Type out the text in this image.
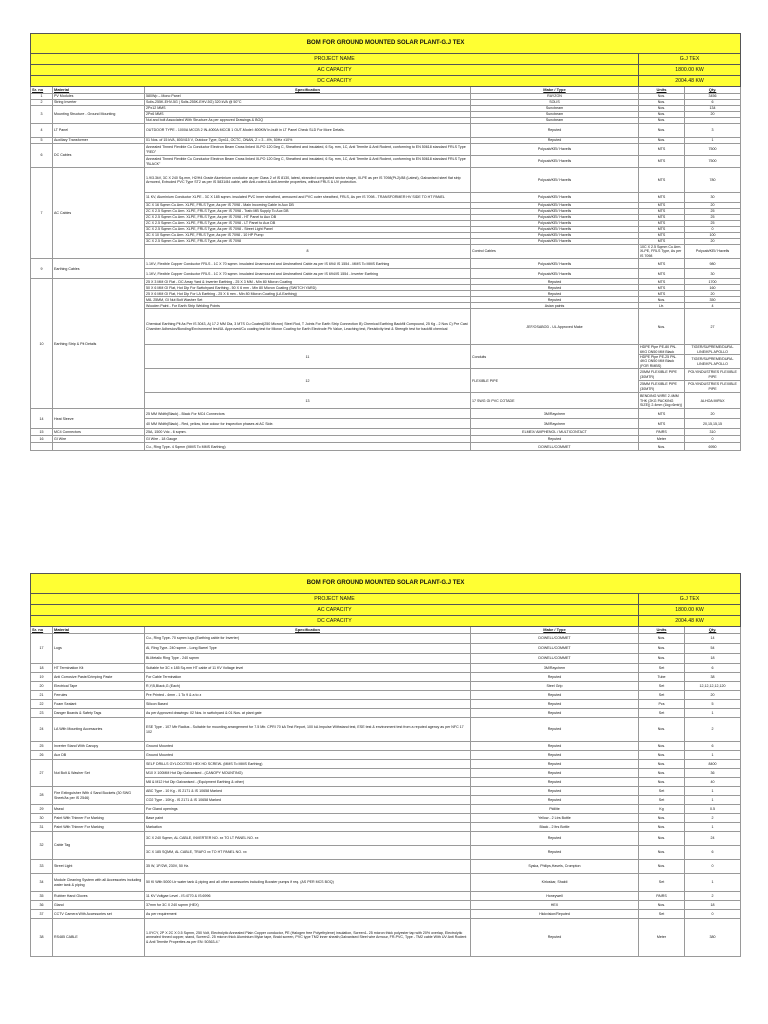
BOM FOR GROUND MOUNTED SOLAR PLANT-G.J TEX						
PROJECT NAME				G.J TEX		
AC CAPACITY				1800.00 KW		
DC CAPACITY				2004.48 KW		
Sr. no	Material	Specification	Make / Type	Units	Qty.	
1	PV Modules	580Wp – Mono Panel	RAYZON	Nos.	3456	
2	String Inverter	Solis-255K-EHV-5G | Solis-255K-EHV-5G) 320 kVA @ 50°C	SOLIS	Nos.	6	
3	Mounting Structure - Ground Mounting	2Px12 MMS	Suncbeam	Nos.	134	
		2Px6 MMS	Suncbeam	Nos.	20	
		Nut and bolt Associated With Structure As per approved Drawings & BOQ	Suncbeam	Nos.		
4	LT Panel	OUTDOOR TYPE - 1000A MCCB 2 IN-4000A MCCB 1 OUT-Model: 800KW In-built in LT Panel Check SLD For More Details.	Reputed	Nos.	3	
5	Auxiliary Transformer	01 Nos. of 15 kVA, 800/415 V, Outdoor Type, Dyn11, OCTC, ONAN, Z = 3 - 4%, 50Hz ±10%	Reputed	Nos.	1	
6	DC Cables	Annealed Tinned Flexible Cu Conductor Electron Beam Cross linked XLPO 120 Deg C, Sheathed and insulated, 6 Sq. mm, 1C, Anti Termite & Anti Rodent, conforming to EN 50618 standard FRLS Type "RED"	Polycab/KEI/ Havells	MTS	7500	
		Annealed Tinned Flexible Cu Conductor Electron Beam Cross linked XLPO 120 Deg C, Sheathed and insulated, 6 Sq. mm, 1C, Anti Termite & Anti Rodent, conforming to EN 50618 standard FRLS Type "BLACK"	Polycab/KEI/ Havells	MTS	7500	
7	AC Cables	1.9/3.3kV, 3C X 240 Sq.mm, H2/H4 Grade Aluminium conductor as per Class 2 of IS 8130, latest, stranded compacted sector shape, XLPE as per IS 7098(Pt-2)/88 (Latest), Galvanised steel flat strip Armored, Extruded PVC Type ST2 as per IS 5831/84 cable, with Anti-rodent & Anti-termite properties, without FRLS & UV protection.	Polycab/KEI/ Havells	MTS	780	
		11 KV, Aluminium Conductor XLPE - 3C X 185 sqmm. insulated PVC inner sheathed, armoured and PVC outer sheathed, FRLS, As per IS 7098 - TRANSFORMER HV SIDE TO HT PANEL	Polycab/KEI/ Havells	MTS	30	
		3C X 16 Sqmm Cu Arm. XLPE, FRLS Type, As per IS 7098 - Main Incoming Cable in Aux DB	Polycab/KEI/ Havells	MTS	20	
		2C X 2.5 Sqmm Cu Arm. XLPE, FRLS Type, As per IS 7098 - Trafo MB Supply To Aux DB	Polycab/KEI/ Havells	MTS	25	
		2C X 2.5 Sqmm Cu Arm. XLPE, FRLS Type, As per IS 7098 - HT Panel to Aux DB	Polycab/KEI/ Havells	MTS	25	
		2C X 2.5 Sqmm Cu Arm. XLPE, FRLS Type, As per IS 7098 - LT Panel to Aux DB	Polycab/KEI/ Havells	MTS	25	
		3C X 2.5 Sqmm Cu Arm. XLPE, FRLS Type, As per IS 7098 - Street Light Panel	Polycab/KEI/ Havells	MTS	0	
		3C X 10 Sqmm Cu Arm. XLPE, FRLS Type, As per IS 7098 - 10 HP Pump	Polycab/KEI/ Havells	MTS	100	
		3C X 2.5 Sqmm Cu Arm. XLPE, FRLS Type, As per IS 7098	Polycab/KEI/ Havells	MTS	20	
		8	Control Cables	10C X 2.5 Sqmm Cu Arm. XLPE, FRLS Type, As per IS 7098	Polycab/KEI/ Havells		
9	Earthing Cables	1.1KV, Flexible Copper Conductor FRLS - 1C X 70 sqmm. insulated Unarmoured and Unsheathed Cable as per IS 694/ IS 1554 - MMS To MMS Earthing	Polycab/KEI/ Havells	MTS	980	
		1.1KV, Flexible Copper Conductor FRLS - 1C X 70 sqmm. insulated Unarmoured and Unsheathed Cable as per IS 694/IS 1554 - Inverter Earthing	Polycab/KEI/ Havells	MTS	30	
10	Earthing Strip & Pit Details	25 X 3 MM GI Flat - DC Array Yard & Inverter Earthing - 25 X 3 MM - Min 80 Micron Coating	Reputed	MTS	1700	
		50 X 6 MM GI Flat, Hot Dip For Switchyard Earthing - 50 X 6 mm - Min 80 Micron Coating (SWITCH YARD)	Reputed	MTS	160	
		25 X 6 MM GI Flat, Hot Dip For LA Earthing - 25 X 6 mm - Min 80 Micron Coating (LA Earthing)	Reputed	MTS	20	
		M8- 25MM, GI Nut Bolt Washer Set	Reputed	Nos.	350	
		Wooden Paint - For Earth Strip Welding Points	Asian paints	Ltr.	4	
		Chemical Earthing Pit As Per IS 3043, A) 17.2 MM Dia, 3 MTS Cu Coated(250 Micron) Steel Rod, T Joints For Earth Strip Connection B) Chemical Earthing Backfill Compound, 25 Kg - 2 Nos C) Pre Cast Chamber Adhesion/Bonding/Environment test/UL Approved/Cu coating test for Micron Coating for Earth Electrode Ph Value, Leaching test, Resistivity test & Strength test for backfill chemical	JEF/OSABOD - UL Approved Make	Nos.	27	
		11	Conduits	HDPE Pipe PE-80 PN- 6KG DN50 MM Black	TIGER/SUPREME/DURA-LINE/KPL APOLLO		
				HDPE Pipe PE-25 PN- 4KG DN50 MM Black (FOR RMBS)	TIGER/SUPREME/DURA-LINE/KPL APOLLO		
		12	FLEXIBLE PIPE	20MM FLEXIBLE PIPE (30MTR)	POLYINDUSTRIES FLEXIBLE PIPE		
				25MM FLEXIBLE PIPE (30MTR)	POLYINDUSTRIES FLEXIBLE PIPE		
		13	17 SWG GI PVC COTADE	BENDING WIRE 2.4MM THK (2KG PACKING SIZE)) 2.4mm (1kg=6mtr))	ALHOA IMPAX		
14	Heat Sleeve	25 MM Width(Black) - Black For MC4 Connectors	3M/Raychem	MTS	20	
		40 MM Width(Black) - Red, yellow, blue colour for inspection phases at AC Side.	3M/Raychem	MTS	20,15,15,15	
15	MC4 Connectors	25A, 1500 Vdc - 6 sqmm.	ELMEX/ AMPHENOL / MULTICONTACT	PAIRS	310	
16	GI Wire	GI Wire - 18 Gauge	Reputed	Meter	0	
		Cu., Ring Type- 4 Sqmm (MMS To MMS Earthing)	DOWELL/COMMET	Nos.	6950	
BOM FOR GROUND MOUNTED SOLAR PLANT-G.J TEX					
PROJECT NAME				G.J TEX	
AC CAPACITY				1800.00 KW	
DC CAPACITY				2004.48 KW	
Sr. no	Material	Specification	Make / Type	Units	Qty.
17	Lugs	Cu., Ring Type- 70 sqmm lugs (Earthing cable for Inverter)	DOWELL/COMMET	Nos.	14
		Al, Ring Type- 240 sqmm - Long Barrel Type	DOWELL/COMMET	Nos.	54
		Bi-Metalic Ring Type - 240 sqmm	DOWELL/COMMET	Nos.	18
18	HT Termination Kit	Suitable for 3C x 185 Sq.mm HT cable of 11 KV Voltage level	3M/Raychem	Set	6
19	Anti Corrosive Paste/Crimping Paste	For Cable Termination	Reputed	Tube	38
20	Electrical Tape	R,Y,B,Black,G (Each)	Steel Grip	Set	12,12,12,12,120
21	Ferrules	Pre Printed - 4mm - 1 To 9 & a to z	Reputed	Set	20
22	Foam Sealant	Silicon Based	Reputed	Pcs	5
23	Danger Boards & Safety Tags	As per Approved drawings: 02 Nos. in switchyard & 01 Nos. at plant gate	Reputed	Set	1
24	LA With Mounting Accessories	ESE Type - 107 Mtr Radius - Suitable for mounting arrangement for 7.5 Mtr. CPRI 70 kA Test Report, 100 kA Impulse Withstand test, ESE test & environment test from a reputed agency as per NFC 17 102	Reputed	Nos.	2
25	Inverter Stand With Canopy	Ground Mounted	Reputed	Nos.	6
26	Aux DB	Ground Mounted	Reputed	Nos.	1
27	Nut Bolt & Washer Set	SELF DRILLS GYLOCOTED HEX HD SCREW- (MMS To MMS Earthing)	Reputed	Nos.	8400
		M10 X 100MM Hot Dip Galvanised - (CANOPY MOUNTING)	Reputed	Nos.	36
		M8 & M12 Hot Dip Galvanised - (Equipment Earthing & other)	Reputed	Nos.	40
28	Fire Extinguisher With 4 Sand Buckets (30 SWG Sheet/As per IS 2546)	ABC Type - 10 Kg - IS 2171 & IS 10658 Marked	Reputed	Set	1
		CO2 Type - 10Kg - IS 2171 & IS 10658 Marked	Reputed	Set	1
29	Mseal	For Gland openings	Pidilite	Kg	0.5
30	Paint With Thinner For Marking	Base paint	Yellow - 2 Ltrs Bottle	Nos.	2
31	Paint With Thinner For Marking	Markation	Black - 2 ltrs Bottle	Nos.	1
32	Cable Tag	3C X 240 Sqmm, AL CABLE, INVERTER NO. xx TO LT PANEL NO. xx	Reputed	Nos.	24
		3C X 185 SQMM, AL CABLE, TRAFO xx TO HT PANEL NO. xx	Reputed	Nos.	6
33	Street Light	35 W, 1P/2W, 230V, 50 Hz.	Syska, Philips,Havels, Crompton	Nos.	0
34	Module Cleaning System with all Accessories including water tank & piping	50 Kl With 5000 Ltr water tank & piping and all other accessories including Booster pumps if req. (AS PER MCS BOQ)	Kirloskar, Shakti	Set	1
35	Rubber Hand Gloves	11 KV Voltgae Level - IS:4770 & IS:6996	Honeywell	PAIRS	2
36	Gland	37mm for 3C X 240 sqmm (HEX)	HEX	Nos.	18
37	CCTV Camera With Accessories set	As per requirement	Hickvision/Reputed	Set	0
38	RS485 CABLE	1.0YCY, 2P X 2C X 0.5 Sqmm, 250 Volt, Electrolytic Annealed Plain Copper conductor, PE (Halogen free Polyethylene) insulation, Screen1- 25 micron thick polyester tap with 20% overlap, Electrolytic annealed tinned copper, stand, Screen2- 25 micron thick Aluminium Mylar tape, Braid screen, PVC type TM2 inner sheath,Galvanised Steel wire Armour, FR-PVC, Type - TM2 cable With UV Anti Rodent & Anti Termite Properties as per EN: 50363-4."	Reputed	Meter	380
